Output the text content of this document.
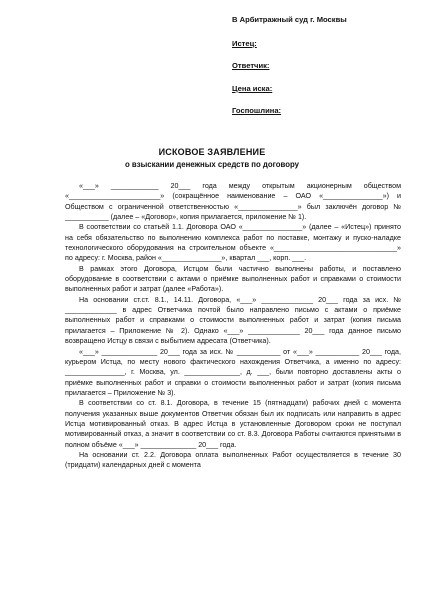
В Арбитражный суд г. Москвы
Истец:
Ответчик:
Цена иска:
Госпошлина:
ИСКОВОЕ ЗАЯВЛЕНИЕ
о взыскании денежных средств по договору

«___» ____________ 20___ года между открытым акционерным обществом «_______________________» (сокращённое наименование – ОАО «_______________») и Обществом с ограниченной ответственностью «_______________» был заключён договор № ___________ (далее – «Договор», копия прилагается, приложение № 1).

В соответствии со статьёй 1.1. Договора ОАО «_______________» (далее – «Истец») принято на себя обязательство по выполнению комплекса работ по поставке, монтажу и пуско-наладке технологического оборудования на строительном объекте «_______________________________» по адресу: г. Москва, район «_______________», квартал ___, корп. ___.

В рамках этого Договора, Истцом были частично выполнены работы, и поставлено оборудование в соответствии с актами о приёмке выполненных работ и справками о стоимости выполненных работ и затрат (далее «Работа»).

На основании ст.ст. 8.1., 14.11. Договора, «___» _____________ 20___ года за исх. № _____________ в адрес Ответчика почтой было направлено письмо с актами о приёмке выполненных работ и справками о стоимости выполненных работ и затрат (копия письма прилагается – Приложение № 2). Однако «___» _____________ 20___ года данное письмо возвращено Истцу в связи с выбытием адресата (Ответчика).

«___» ______________ 20___ года за исх. № ___________ от «___» ___________ 20___ года, курьером Истца, по месту нового фактического нахождения Ответчика, а именно по адресу: _______________, г. Москва, ул. ______________, д. ___, были повторно доставлены акты о приёмке выполненных работ и справки о стоимости выполненных работ и затрат (копия письма прилагается – Приложение № 3).

В соответствии со ст. 8.1. Договора, в течение 15 (пятнадцати) рабочих дней с момента получения указанных выше документов Ответчик обязан был их подписать или направить в адрес Истца мотивированный отказ. В адрес Истца в установленные Договором сроки не поступал мотивированный отказ, а значит в соответствии со ст. 8.3. Договора Работы считаются принятыми в полном объёме «___» ______________ 20___ года.

На основании ст. 2.2. Договора оплата выполненных Работ осуществляется в течение 30 (тридцати) календарных дней с момента
